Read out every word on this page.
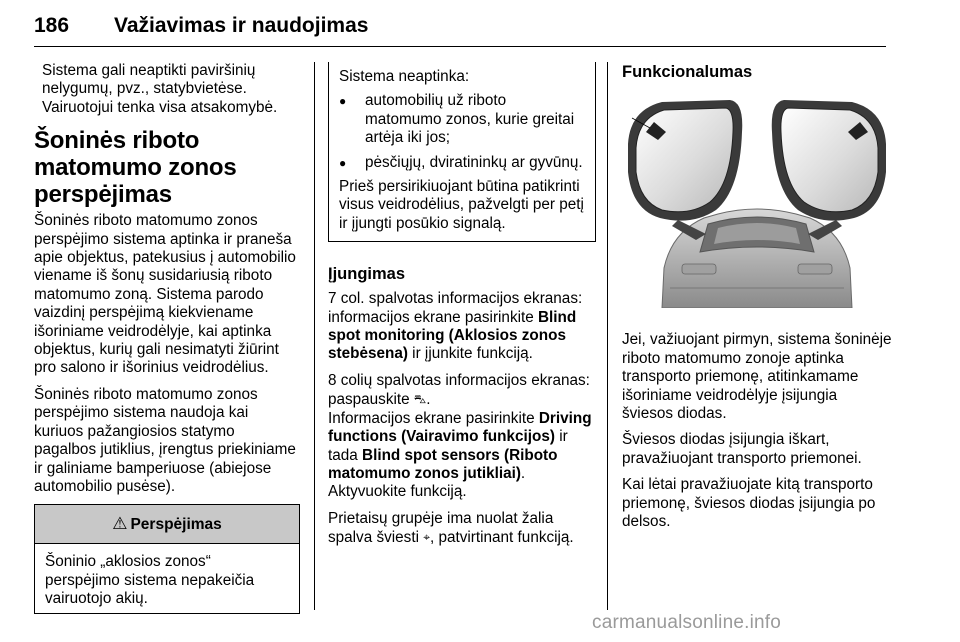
186 Važiavimas ir naudojimas

Sistema gali neaptikti paviršinių nelygumų, pvz., statybvietėse. Vairuotojui tenka visa atsakomybė.

Šoninės riboto matomumo zonos perspėjimas

Šoninės riboto matomumo zonos perspėjimo sistema aptinka ir praneša apie objektus, patekusius į automobilio viename iš šonų susidariusią riboto matomumo zoną. Sistema parodo vaizdinį perspėjimą kiekviename išoriniame veidrodėlyje, kai aptinka objektus, kurių gali nesimatyti žiūrint pro salono ir išorinius veidrodėlius.

Šoninės riboto matomumo zonos perspėjimo sistema naudoja kai kuriuos pažangiosios statymo pagalbos jutiklius, įrengtus priekiniame ir galiniame bamperiuose (abiejose automobilio pusėse).

⚠ Perspėjimas
Šoninio „aklosios zonos“ perspėjimo sistema nepakeičia vairuotojo akių.

Sistema neaptinka:

● automobilių už riboto matomumo zonos, kurie greitai artėja iki jos;
● pėsčiųjų, dviratininkų ar gyvūnų.

Prieš persirikiuojant būtina patikrinti visus veidrodėlius, pažvelgti per petį ir įjungti posūkio signalą.

Įjungimas

7 col. spalvotas informacijos ekranas: informacijos ekrane pasirinkite Blind spot monitoring (Aklosios zonos stebėsena) ir įjunkite funkciją.

8 colių spalvotas informacijos ekranas: paspauskite ⛍.
Informacijos ekrane pasirinkite Driving functions (Vairavimo funkcijos) ir tada Blind spot sensors (Riboto matomumo zonos jutikliai).
Aktyvuokite funkciją.

Prietaisų grupėje ima nuolat žalia spalva šviesti ⌖, patvirtinant funkciją.

Funkcionalumas

Jei, važiuojant pirmyn, sistema šoninėje riboto matomumo zonoje aptinka transporto priemonę, atitinkamame išoriniame veidrodėlyje įsijungia šviesos diodas.

Šviesos diodas įsijungia iškart, pravažiuojant transporto priemonei.

Kai lėtai pravažiuojate kitą transporto priemonę, šviesos diodas įsijungia po delsos.

carmanualsonline.info
